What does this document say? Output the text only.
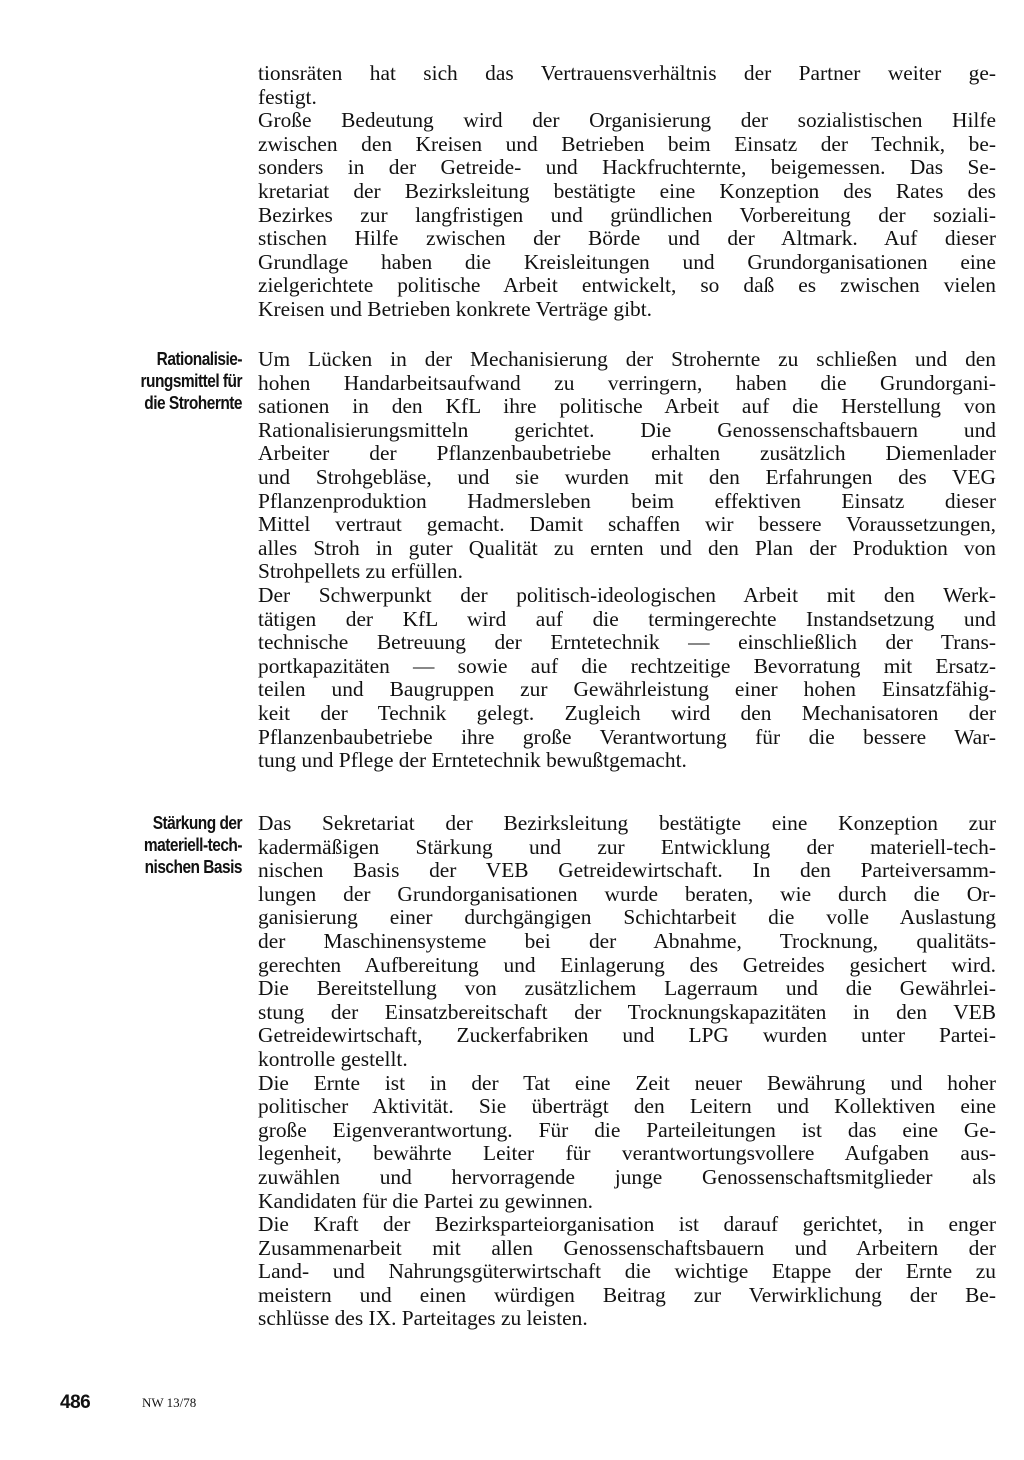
tionsräten hat sich das Vertrauensverhältnis der Partner weiter ge-
festigt.
Große Bedeutung wird der Organisierung der sozialistischen Hilfe
zwischen den Kreisen und Betrieben beim Einsatz der Technik, be-
sonders in der Getreide- und Hackfruchternte, beigemessen. Das Se-
kretariat der Bezirksleitung bestätigte eine Konzeption des Rates des
Bezirkes zur langfristigen und gründlichen Vorbereitung der soziali-
stischen Hilfe zwischen der Börde und der Altmark. Auf dieser
Grundlage haben die Kreisleitungen und Grundorganisationen eine
zielgerichtete politische Arbeit entwickelt, so daß es zwischen vielen
Kreisen und Betrieben konkrete Verträge gibt.
Rationalisie-
rungsmittel für
die Strohernte
Um Lücken in der Mechanisierung der Strohernte zu schließen und den
hohen Handarbeitsaufwand zu verringern, haben die Grundorgani-
sationen in den KfL ihre politische Arbeit auf die Herstellung von
Rationalisierungsmitteln gerichtet. Die Genossenschaftsbauern und
Arbeiter der Pflanzenbaubetriebe erhalten zusätzlich Diemenlader
und Strohgebläse, und sie wurden mit den Erfahrungen des VEG
Pflanzenproduktion Hadmersleben beim effektiven Einsatz dieser
Mittel vertraut gemacht. Damit schaffen wir bessere Voraussetzungen,
alles Stroh in guter Qualität zu ernten und den Plan der Produktion von
Strohpellets zu erfüllen.
Der Schwerpunkt der politisch-ideologischen Arbeit mit den Werk-
tätigen der KfL wird auf die termingerechte Instandsetzung und
technische Betreuung der Erntetechnik — einschließlich der Trans-
portkapazitäten — sowie auf die rechtzeitige Bevorratung mit Ersatz-
teilen und Baugruppen zur Gewährleistung einer hohen Einsatzfähig-
keit der Technik gelegt. Zugleich wird den Mechanisatoren der
Pflanzenbaubetriebe ihre große Verantwortung für die bessere War-
tung und Pflege der Erntetechnik bewußtgemacht.
Stärkung der
materiell-tech-
nischen Basis
Das Sekretariat der Bezirksleitung bestätigte eine Konzeption zur
kadermäßigen Stärkung und zur Entwicklung der materiell-tech-
nischen Basis der VEB Getreidewirtschaft. In den Parteiversamm-
lungen der Grundorganisationen wurde beraten, wie durch die Or-
ganisierung einer durchgängigen Schichtarbeit die volle Auslastung
der Maschinensysteme bei der Abnahme, Trocknung, qualitäts-
gerechten Aufbereitung und Einlagerung des Getreides gesichert wird.
Die Bereitstellung von zusätzlichem Lagerraum und die Gewährlei-
stung der Einsatzbereitschaft der Trocknungskapazitäten in den VEB
Getreidewirtschaft, Zuckerfabriken und LPG wurden unter Partei-
kontrolle gestellt.
Die Ernte ist in der Tat eine Zeit neuer Bewährung und hoher
politischer Aktivität. Sie überträgt den Leitern und Kollektiven eine
große Eigenverantwortung. Für die Parteileitungen ist das eine Ge-
legenheit, bewährte Leiter für verantwortungsvollere Aufgaben aus-
zuwählen und hervorragende junge Genossenschaftsmitglieder als
Kandidaten für die Partei zu gewinnen.
Die Kraft der Bezirksparteiorganisation ist darauf gerichtet, in enger
Zusammenarbeit mit allen Genossenschaftsbauern und Arbeitern der
Land- und Nahrungsgüterwirtschaft die wichtige Etappe der Ernte zu
meistern und einen würdigen Beitrag zur Verwirklichung der Be-
schlüsse des IX. Parteitages zu leisten.
486	NW 13/78
